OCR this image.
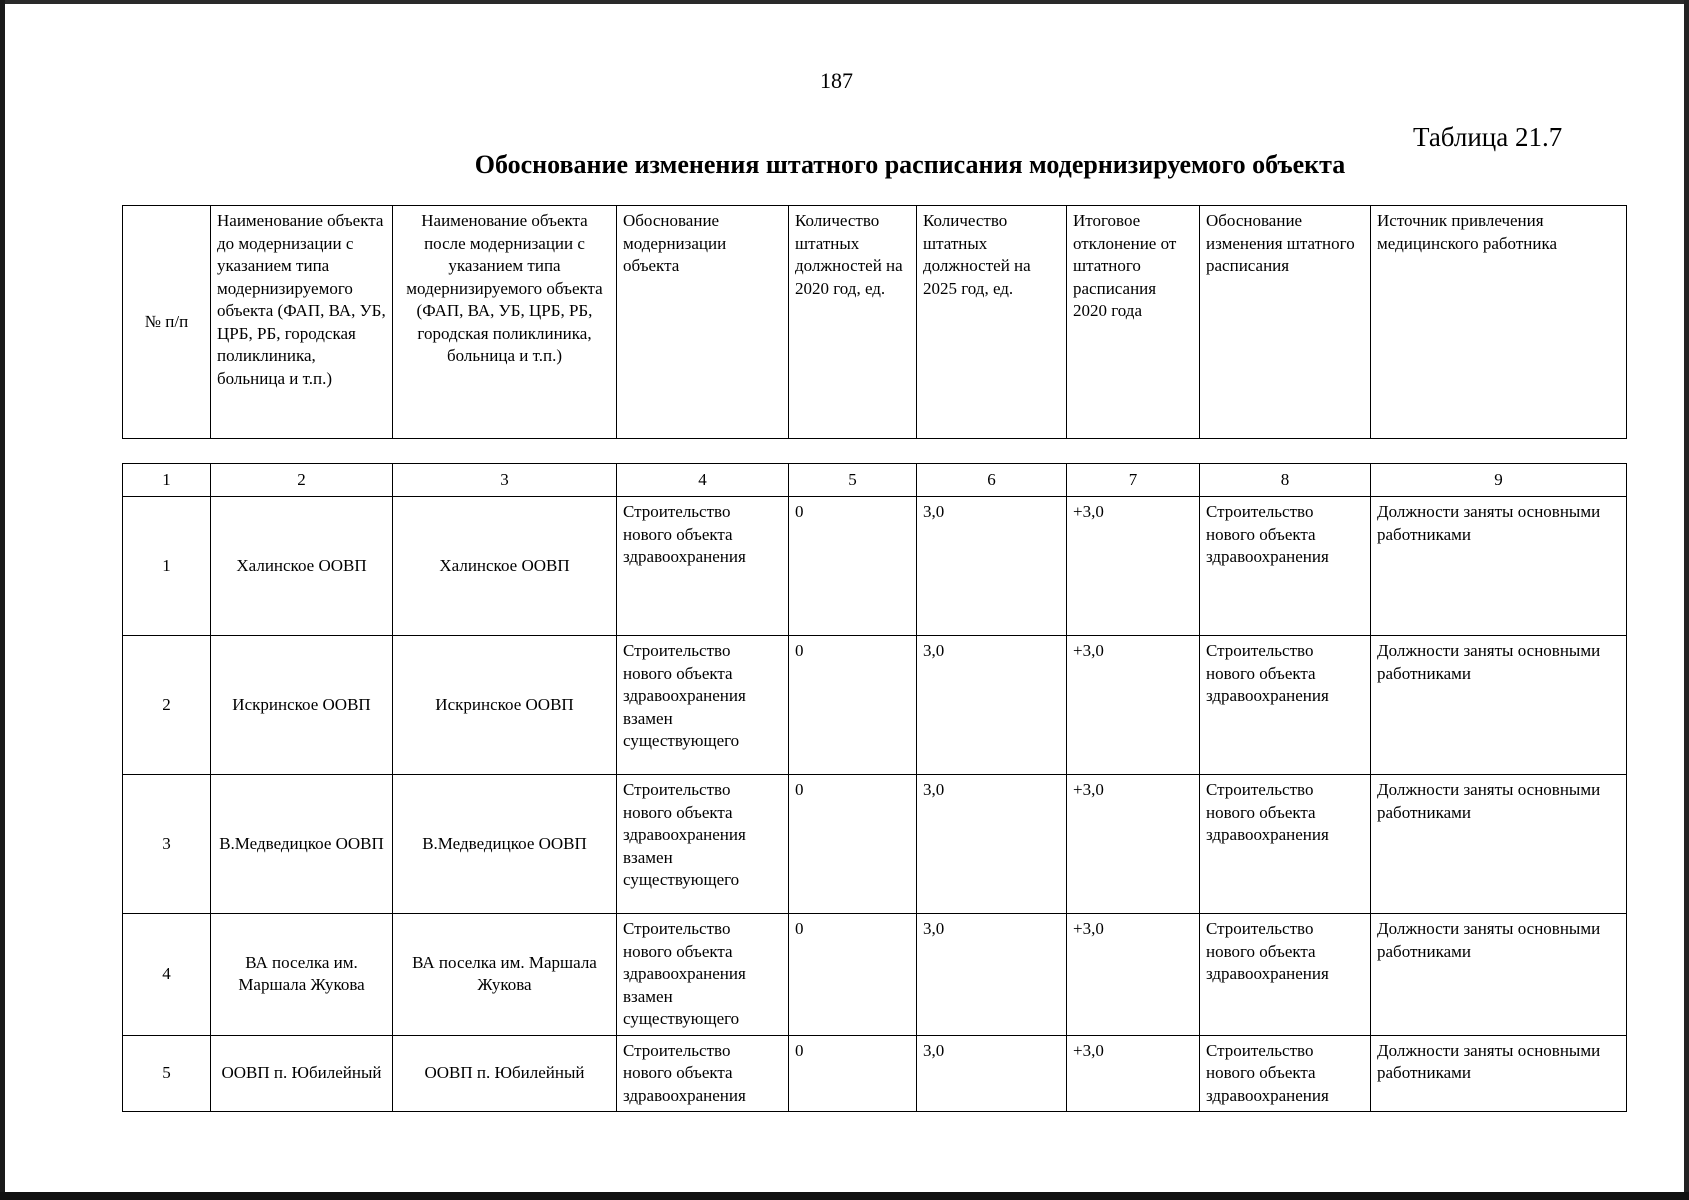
187
Таблица 21.7
Обоснование изменения штатного расписания модернизируемого объекта
№ п/п	Наименование объекта до модернизации с указанием типа модернизируемого объекта (ФАП, ВА, УБ, ЦРБ, РБ, городская поликлиника, больница и т.п.)	Наименование объекта после модернизации с указанием типа модернизируемого объекта (ФАП, ВА, УБ, ЦРБ, РБ, городская поликлиника, больница и т.п.)	Обоснование модернизации объекта	Количество штатных должностей на 2020 год, ед.	Количество штатных должностей на 2025 год, ед.	Итоговое отклонение от штатного расписания 2020 года	Обоснование изменения штатного расписания	Источник привлечения медицинского работника
1	2	3	4	5	6	7	8	9
1	Халинское ООВП	Халинское ООВП	Строительство нового объекта здравоохранения	0	3,0	+3,0	Строительство нового объекта здравоохранения	Должности заняты основными работниками
2	Искринское ООВП	Искринское ООВП	Строительство нового объекта здравоохранения взамен существующего	0	3,0	+3,0	Строительство нового объекта здравоохранения	Должности заняты основными работниками
3	В.Медведицкое ООВП	В.Медведицкое ООВП	Строительство нового объекта здравоохранения взамен существующего	0	3,0	+3,0	Строительство нового объекта здравоохранения	Должности заняты основными работниками
4	ВА поселка им. Маршала Жукова	ВА поселка им. Маршала Жукова	Строительство нового объекта здравоохранения взамен существующего	0	3,0	+3,0	Строительство нового объекта здравоохранения	Должности заняты основными работниками
5	ООВП п. Юбилейный	ООВП п. Юбилейный	Строительство нового объекта здравоохранения	0	3,0	+3,0	Строительство нового объекта здравоохранения	Должности заняты основными работниками
